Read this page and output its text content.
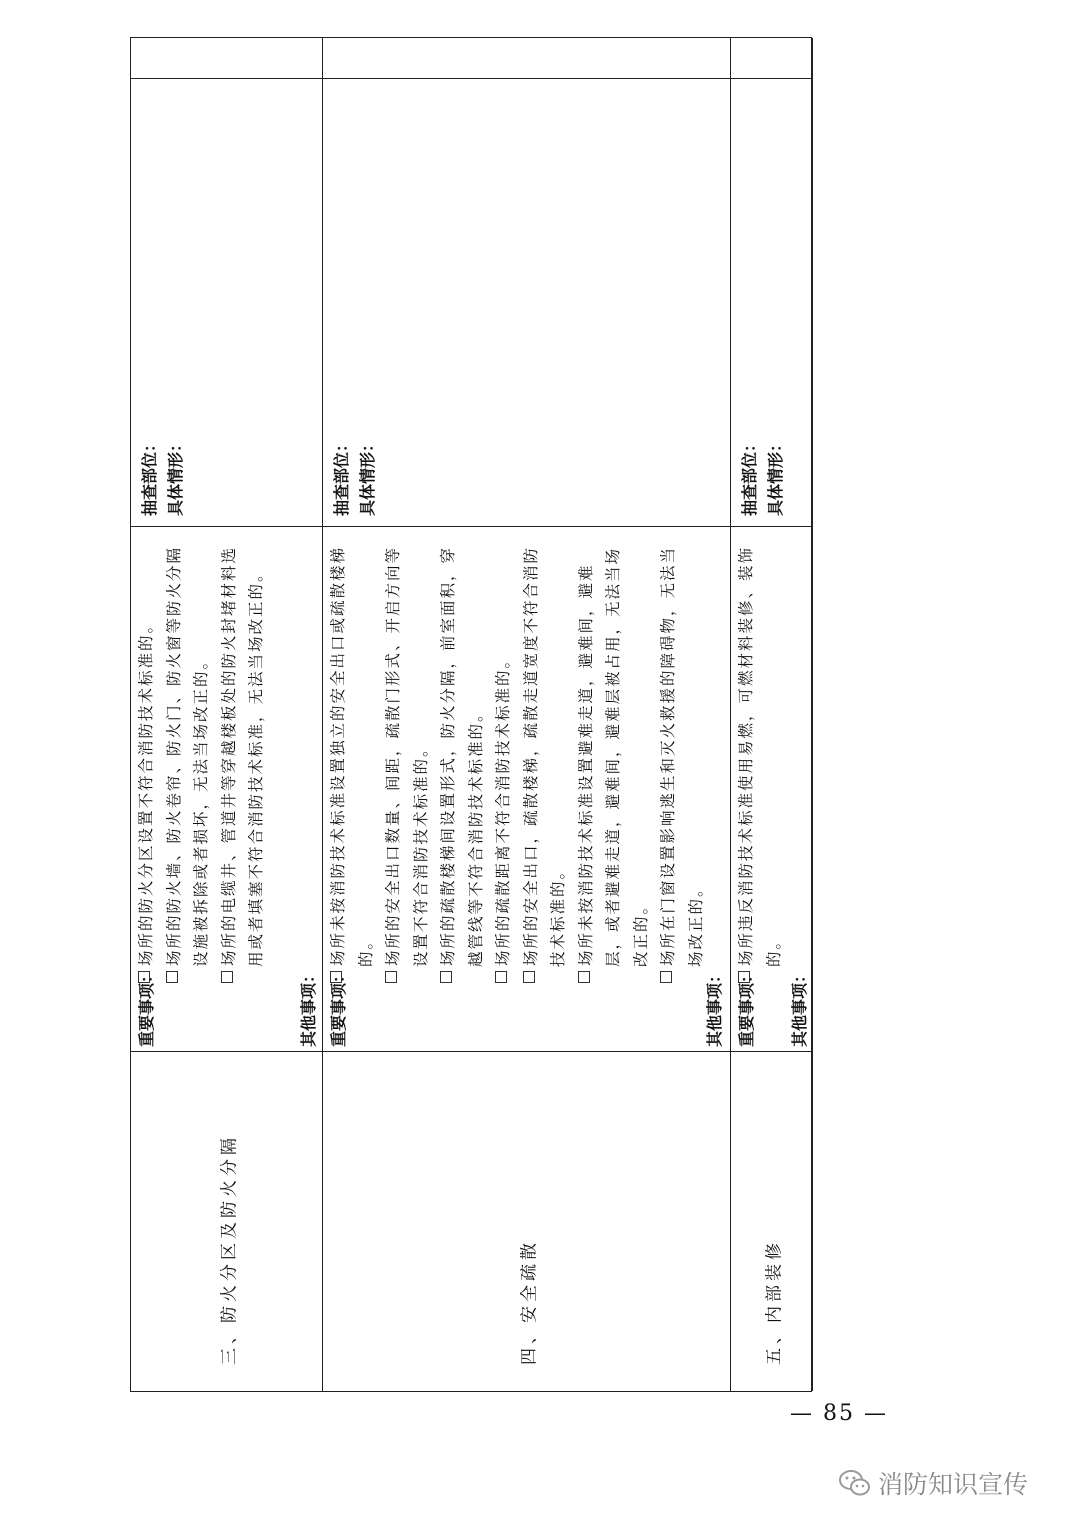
三、防火分区及防火分隔
重要事项：
场所的防火分区设置不符合消防技术标准的。 场所的防火墙、防火卷帘、防火门、防火窗等防火分隔设施被拆除或者损坏，无法当场改正的。 场所的电缆井、管道井等穿越楼板处的防火封堵材料选用或者填塞不符合消防技术标准，无法当场改正的。
其他事项：
抽查部位： 具体情形：
四、安全疏散
重要事项：
场所未按消防技术标准设置独立的安全出口或疏散楼梯的。 场所的安全出口数量、间距，疏散门形式、开启方向等设置不符合消防技术标准的。 场所的疏散楼梯间设置形式，防火分隔，前室面积，穿越管线等不符合消防技术标准的。 场所的疏散距离不符合消防技术标准的。 场所的安全出口，疏散楼梯，疏散走道宽度不符合消防技术标准的。 场所未按消防技术标准设置避难走道，避难间，避难层，或者避难走道，避难间，避难层被占用，无法当场改正的。 场所在门窗设置影响逃生和灭火救援的障碍物，无法当场改正的。
其他事项：
抽查部位： 具体情形：
五、内部装修
重要事项：
场所违反消防技术标准使用易燃，可燃材料装修、装饰的。
其他事项：
抽查部位： 具体情形：
— 85 —
消防知识宣传
